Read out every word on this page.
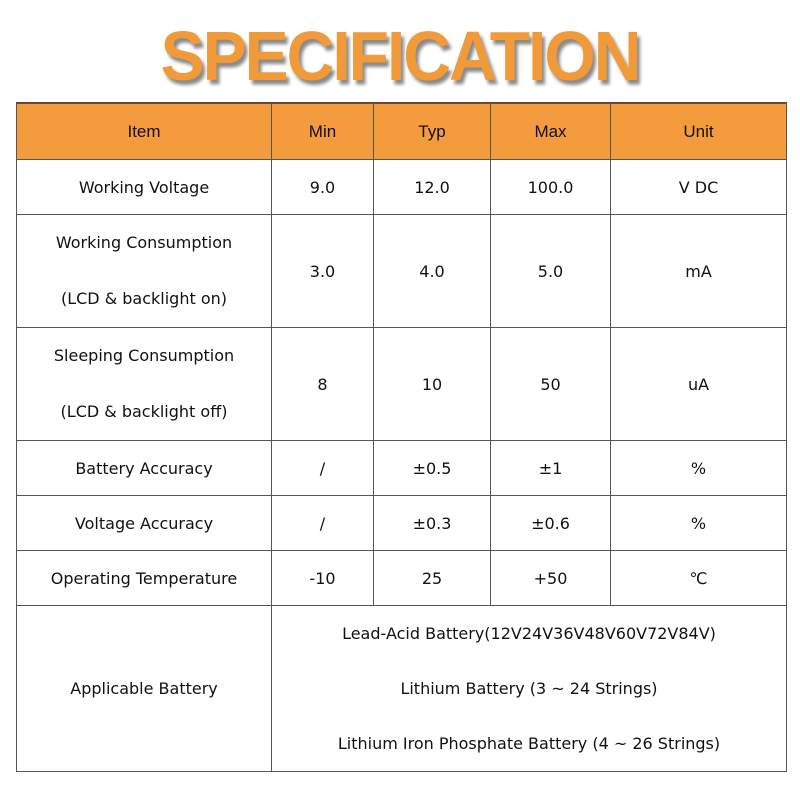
SPECIFICATION
Item	Min	Typ	Max	Unit
Working Voltage	9.0	12.0	100.0	V DC

Working Consumption
(LCD & backlight on)	3.0	4.0	5.0	mA

Sleeping Consumption
(LCD & backlight off)	8	10	50	uA
Battery Accuracy	/	±0.5	±1	%
Voltage Accuracy	/	±0.3	±0.6	%
Operating Temperature	-10	25	+50	℃
Applicable Battery	Lead-Acid Battery(12V24V36V48V60V72V84V)
Lithium Battery (3 ~ 24 Strings)
Lithium Iron Phosphate Battery (4 ~ 26 Strings)			
